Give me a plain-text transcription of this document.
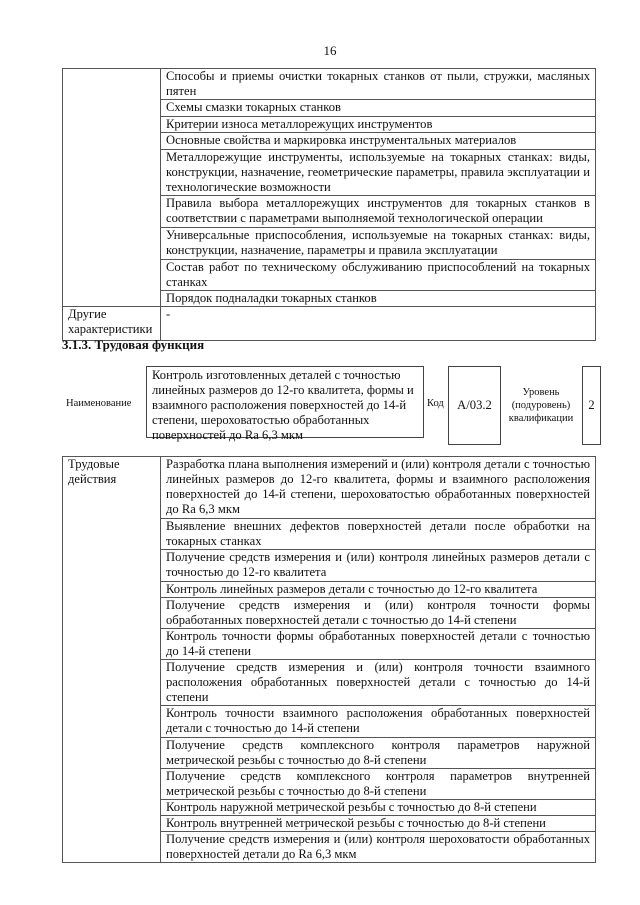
16
	Способы и приемы очистки токарных станков от пыли, стружки, масляных пятен
	Схемы смазки токарных станков
	Критерии износа металлорежущих инструментов
	Основные свойства и маркировка инструментальных материалов
	Металлорежущие инструменты, используемые на токарных станках: виды, конструкции, назначение, геометрические параметры, правила эксплуатации и технологические возможности
	Правила выбора металлорежущих инструментов для токарных станков в соответствии с параметрами выполняемой технологической операции
	Универсальные приспособления, используемые на токарных станках: виды, конструкции, назначение, параметры и правила эксплуатации
	Состав работ по техническому обслуживанию приспособлений на токарных станках
	Порядок подналадки токарных станков
Другие характеристики	-
3.1.3. Трудовая функция
Наименование
Контроль изготовленных деталей с точностью линейных размеров до 12-го квалитета, формы и взаимного расположения поверхностей до 14-й степени, шероховатостью обработанных поверхностей до Ra 6,3 мкм
Код	А/03.2
Уровень (подуровень) квалификации
2
Трудовые действия	Разработка плана выполнения измерений и (или) контроля детали с точностью линейных размеров до 12-го квалитета, формы и взаимного расположения поверхностей до 14-й степени, шероховатостью обработанных поверхностей до Ra 6,3 мкм
Выявление внешних дефектов поверхностей детали после обработки на токарных станках
Получение средств измерения и (или) контроля линейных размеров детали с точностью до 12-го квалитета
Контроль линейных размеров детали с точностью до 12-го квалитета
Получение средств измерения и (или) контроля точности формы обработанных поверхностей детали с точностью до 14-й степени
Контроль точности формы обработанных поверхностей детали с точностью до 14-й степени
Получение средств измерения и (или) контроля точности взаимного расположения обработанных поверхностей детали с точностью до 14-й степени
Контроль точности взаимного расположения обработанных поверхностей детали с точностью до 14-й степени
Получение средств комплексного контроля параметров наружной метрической резьбы с точностью до 8-й степени
Получение средств комплексного контроля параметров внутренней метрической резьбы с точностью до 8-й степени
Контроль наружной метрической резьбы с точностью до 8-й степени
Контроль внутренней метрической резьбы с точностью до 8-й степени
Получение средств измерения и (или) контроля шероховатости обработанных поверхностей детали до Ra 6,3 мкм
